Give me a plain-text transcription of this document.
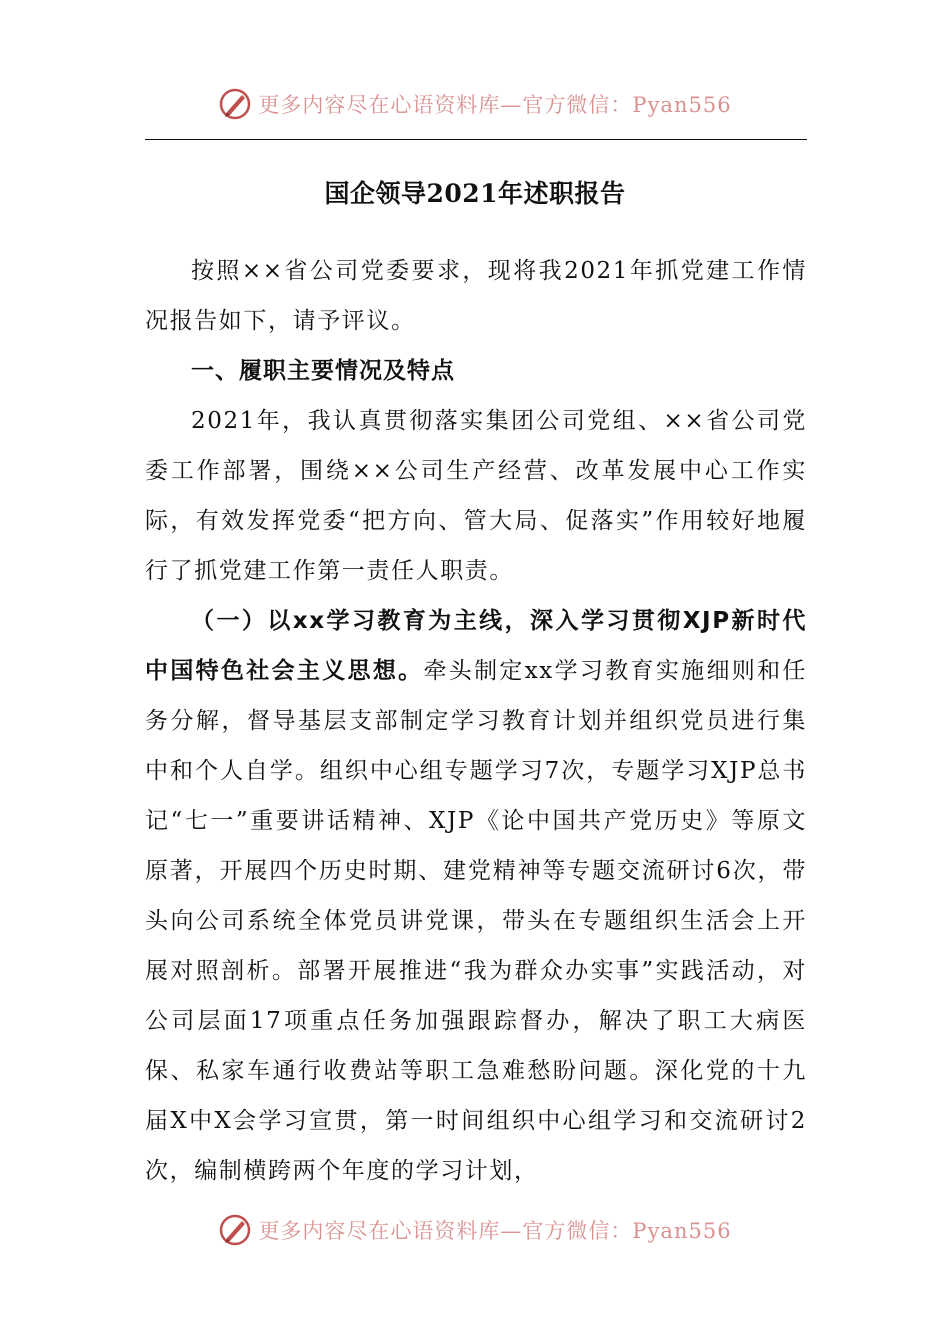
更多内容尽在心语资料库—官方微信：Pyan556
国企领导2021年述职报告

按照××省公司党委要求，现将我2021年抓党建工作情况报告如下，请予评议。

一、履职主要情况及特点

2021年，我认真贯彻落实集团公司党组、××省公司党委工作部署，围绕××公司生产经营、改革发展中心工作实际，有效发挥党委“把方向、管大局、促落实”作用较好地履行了抓党建工作第一责任人职责。

（一）以xx学习教育为主线，深入学习贯彻XJP新时代中国特色社会主义思想。牵头制定xx学习教育实施细则和任务分解，督导基层支部制定学习教育计划并组织党员进行集中和个人自学。组织中心组专题学习7次，专题学习XJP总书记“七一”重要讲话精神、XJP《论中国共产党历史》等原文原著，开展四个历史时期、建党精神等专题交流研讨6次，带头向公司系统全体党员讲党课，带头在专题组织生活会上开展对照剖析。部署开展推进“我为群众办实事”实践活动，对公司层面17项重点任务加强跟踪督办，解决了职工大病医保、私家车通行收费站等职工急难愁盼问题。深化党的十九届X中X会学习宣贯，第一时间组织中心组学习和交流研讨2次，编制横跨两个年度的学习计划，

更多内容尽在心语资料库—官方微信：Pyan556
